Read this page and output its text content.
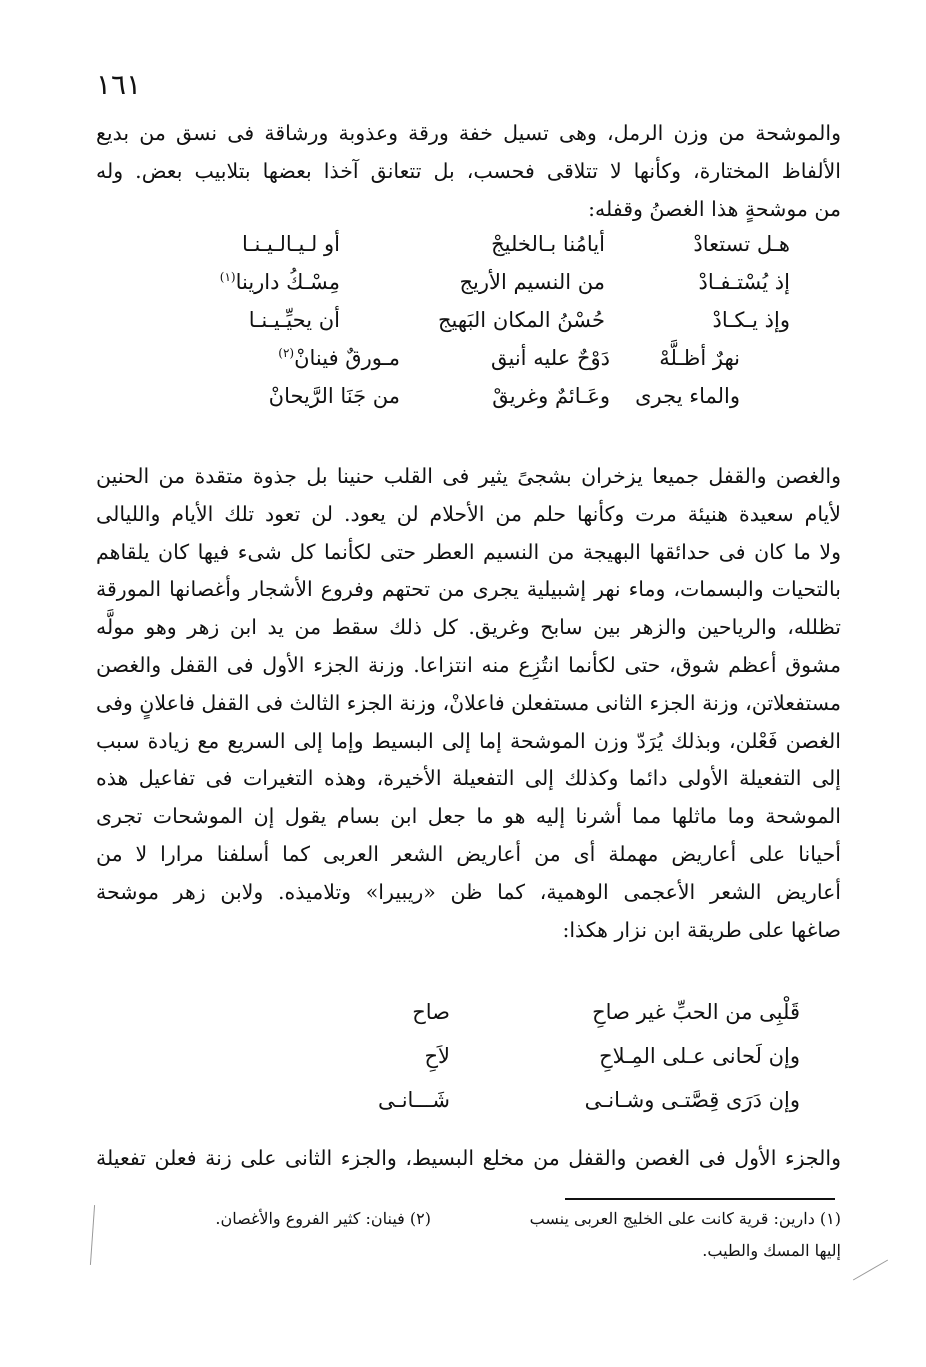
١٦١
والموشحة من وزن الرمل، وهى تسيل خفة ورقة وعذوبة ورشاقة فى نسق من بديع
الألفاظ المختارة، وكأنها لا تتلاقى فحسب، بل تتعانق آخذا بعضها بتلابيب بعض. وله
من موشحةٍ هذا الغصنُ وقفله:
هـل تستعادْ
أيامُنا بـالخليجْ
أو لـيـالـيـنـا
إذ يُسْتـفـادْ
من النسيم الأريج
مِسْـكُ دارينا$^{(١)}$
وإذ يـكـادْ
حُسْنُ المكان البَهيج
أن يحيِّـيـنـا
نهرٌ أظـلَّهْ
دَوْحٌ عليه أنيق
مـورقٌ فينانْ$^{(٢)}$
والماء يجرى
وعَـائمٌ وغريقْ
من جَنَا الرَّيحانْ
والغصن والقفل جميعا يزخران بشجىً يثير فى القلب حنينا بل جذوة متقدة من الحنين
لأيام سعيدة هنيئة مرت وكأنها حلم من الأحلام لن يعود. لن تعود تلك الأيام والليالى
ولا ما كان فى حدائقها البهيجة من النسيم العطر حتى لكأنما كل شىء فيها كان يلقاهم
بالتحيات والبسمات، وماء نهر إشبيلية يجرى من تحتهم وفروع الأشجار وأغصانها المورقة
تظلله، والرياحين والزهر بين سابح وغريق. كل ذلك سقط من يد ابن زهر وهو مولَّه
مشوق أعظم شوق، حتى لكأنما انتُزِع منه انتزاعا. وزنة الجزء الأول فى القفل والغصن
مستفعلاتن، وزنة الجزء الثانى مستفعلن فاعلانْ، وزنة الجزء الثالث فى القفل فاعلانٍ وفى
الغصن فَعْلن، وبذلك يُرَدّ وزن الموشحة إما إلى البسيط وإما إلى السريع مع زيادة سبب
إلى التفعيلة الأولى دائما وكذلك إلى التفعيلة الأخيرة، وهذه التغيرات فى تفاعيل هذه
الموشحة وما ماثلها مما أشرنا إليه هو ما جعل ابن بسام يقول إن الموشحات تجرى
أحيانا على أعاريض مهملة أى من أعاريض الشعر العربى كما أسلفنا مرارا لا من
أعاريض الشعر الأعجمى الوهمية، كما ظن «ريبيرا» وتلاميذه. ولابن زهر موشحة
صاغها على طريقة ابن نزار هكذا:
قَلْبِى من الحبِّ غير صاحِ
صاح
وإن لَحانى عـلى المِـلاحِ
لاَحِ
وإن دَرَى قِصَّتـى وشـانـى
شَـــانـى
والجزء الأول فى الغصن والقفل من مخلع البسيط، والجزء الثانى على زنة فعلن تفعيلة
(١) دارين: قرية كانت على الخليج العربى ينسب
إليها المسك والطيب.
(٢) فينان: كثير الفروع والأغصان.
